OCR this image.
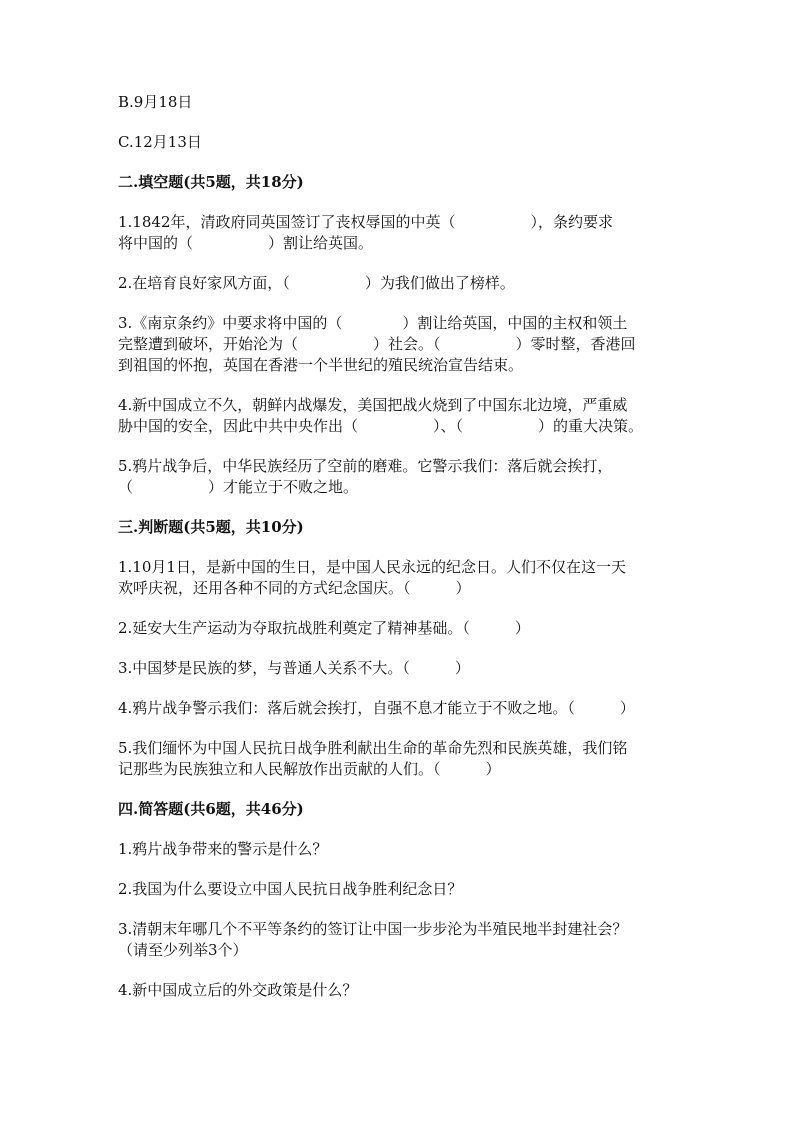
B.9月18日
C.12月13日
二.填空题(共5题，共18分)
1.1842年，清政府同英国签订了丧权辱国的中英（　　　　　），条约要求
将中国的（　　　　　）割让给英国。
2.在培育良好家风方面，（　　　　　）为我们做出了榜样。
3.《南京条约》中要求将中国的（　　　　）割让给英国，中国的主权和领土
完整遭到破坏，开始沦为（　　　　　）社会。（　　　　　）零时整，香港回
到祖国的怀抱，英国在香港一个半世纪的殖民统治宣告结束。
4.新中国成立不久，朝鲜内战爆发，美国把战火烧到了中国东北边境，严重威
胁中国的安全，因此中共中央作出（　　　　　）、（　　　　　）的重大决策。
5.鸦片战争后，中华民族经历了空前的磨难。它警示我们：落后就会挨打，
（　　　　　）才能立于不败之地。
三.判断题(共5题，共10分)
1.10月1日，是新中国的生日，是中国人民永远的纪念日。人们不仅在这一天
欢呼庆祝，还用各种不同的方式纪念国庆。（　　　）
2.延安大生产运动为夺取抗战胜利奠定了精神基础。（　　　）
3.中国梦是民族的梦，与普通人关系不大。（　　　）
4.鸦片战争警示我们：落后就会挨打，自强不息才能立于不败之地。（　　　）
5.我们缅怀为中国人民抗日战争胜利献出生命的革命先烈和民族英雄，我们铭
记那些为民族独立和人民解放作出贡献的人们。（　　　）
四.简答题(共6题，共46分)
1.鸦片战争带来的警示是什么？
2.我国为什么要设立中国人民抗日战争胜利纪念日？
3.清朝末年哪几个不平等条约的签订让中国一步步沦为半殖民地半封建社会？
（请至少列举3个）
4.新中国成立后的外交政策是什么？
